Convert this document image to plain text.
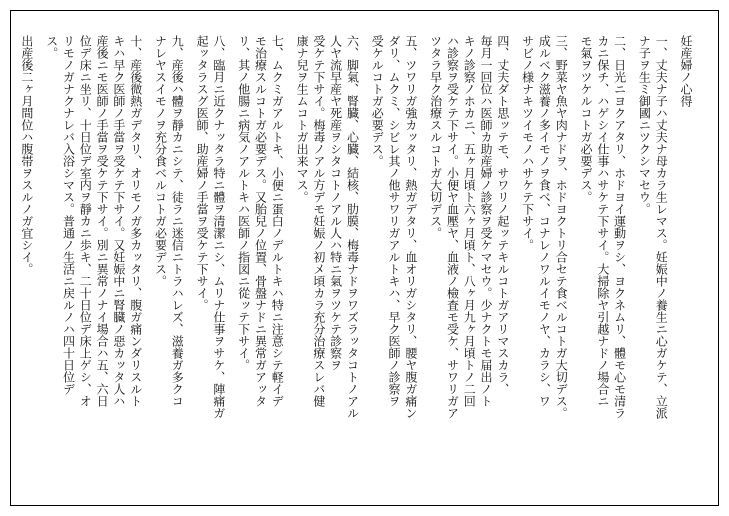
妊産婦ノ心得
一、丈夫ナ子ハ丈夫ナ母カラ生レマス。妊娠中ノ養生ニ心ガケテ、立派
ナ子ヲ生ミ御國ニツクシマセウ。
二、日光ニヨクアタリ、ホドヨイ運動ヲシ、ヨクネムリ、體モ心モ清ラ
カニ保チ、ハゲシイ仕事ハサケテ下サイ。大掃除ヤ引越ナドノ場合ニ
モ氣ヲツケルコトガ必要デス。
三、野菜ヤ魚ヤ肉ナドヲ、ホドヨクトリ合セテ食ベルコトガ大切デス。
成ルベク滋養ノ多イモノヲ食べ、コナレノワルイモノヤ、カラシ、ワ
サビノ様ナキツイモノハサケテ下サイ。
四、丈夫ダト思ッテモ、サワリノ起ッテキルコトガアリマスカラ、
毎月一回位ハ医師カ助産婦ノ診察ヲ受ケマセウ。少ナクトモ届出ノト
キノ診察ノホカニ、五ヶ月頃ト六ヶ月頃ト、八ヶ月九ヶ月頃トノ二回
ハ診察ヲ受ケテ下サイ。小便ヤ血壓ヤ、血液ノ檢査モ受ケ、サワリガア
ツタラ早ク治療スルコトガ大切デス。
五、ツワリガ強カッタリ、熱ガデタリ、血オリガシタリ、腰ヤ腹ガ痛ン
ダリ、ムクミ、シビレ其ノ他サワリガアルトキハ、早ク医師ノ診察ヲ
受ケルコトガ必要デス。
六、脚氣、腎臓、心臓、結核、肋膜、梅毒ナドヲワズラッタコトノアル
人ヤ流早産ヤ死産ヲシタコトノアル人ハ特ニ氣ヲツケテ診察ヲ
受ケテ下サイ。梅毒ノアル方デモ妊娠ノ初メ頃カラ充分治療スレバ健
康ナ兒ヲ生ムコトガ出来マス。
七、ムクミガアルトキ、小便ニ蛋白ノデルトキハ特ニ注意シテ軽イデ
モ治療スルコトガ必要デス。又胎兒ノ位置、骨盤ナドニ異常ガアッタ
リ、其ノ他腸ニ病気ノアルトキハ医師ノ指図ニ從ッテ下サイ。
八、臨月ニ近クナッタラ特ニ體ヲ清潔ニシ、ムリナ仕事ヲサケ、陣痛ガ
起ッタラスグ医師、助産婦ノ手當ヲ受ケテ下サイ。
九、産後ハ體ヲ靜カニシテ、徒ラニ迷信ニトラハレズ、滋養ガ多クコ
ナレヤスイモノヲ充分食ベルコトガ必要デス。
十、産後微熱ガデタリ、オリモノガ多カッタリ、腹ガ痛ンダリスルト
キハ早ク医師ノ手當ヲ受ケテ下サイ。又妊娠中ニ腎臓ノ惡カッタ人ハ
産後ニモ医師ノ手當ヲ受ケテ下サイ。別ニ異常ノナイ場合ハ五、六日
位デ床ニ坐リ、十日位デ室内ヲ靜カニ歩キ、二十日位デ床上ゲシ、オ
リモノガナクナレバ入浴シマス。普通ノ生活ニ戻ルノハ四十日位デ
ス。
出産後二ヶ月間位ハ腹帯ヲスルノガ宜シイ。
